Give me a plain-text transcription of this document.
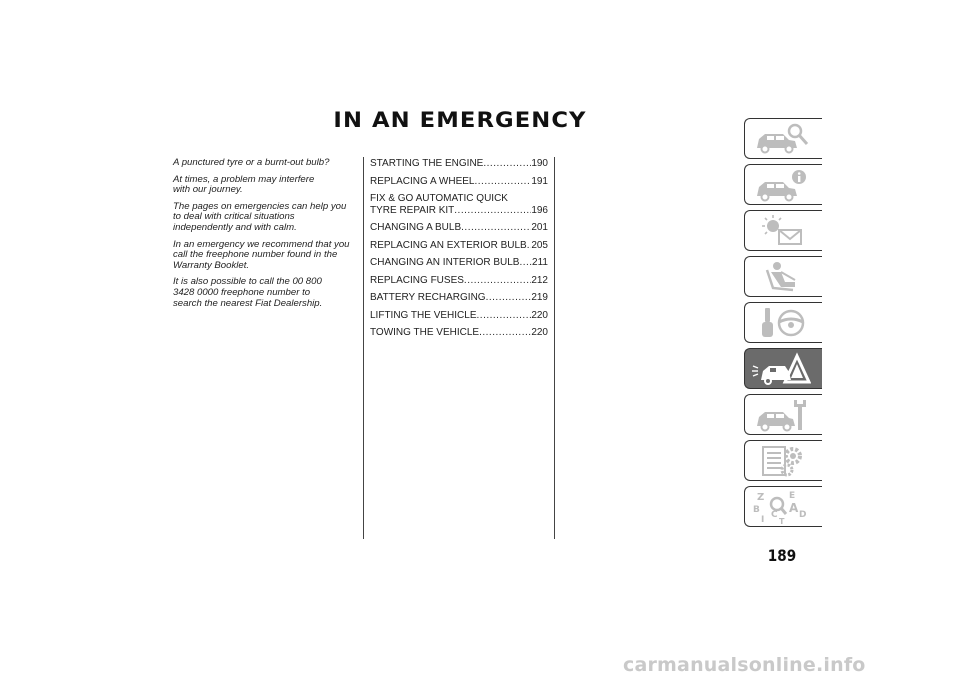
IN AN EMERGENCY

A punctured tyre or a burnt-out bulb?

At times, a problem may interfere with our journey.

The pages on emergencies can help you to deal with critical situations independently and with calm.

In an emergency we recommend that you call the freephone number found in the Warranty Booklet.

It is also possible to call the 00 800 3428 0000 freephone number to search the nearest Fiat Dealership.

STARTING THE ENGINE .....	190
REPLACING A WHEEL .....	191
FIX & GO AUTOMATIC QUICK
TYRE REPAIR KIT .....	196
CHANGING A BULB .....	201
REPLACING AN EXTERIOR BULB ..... 205
CHANGING AN INTERIOR BULB ..... 211
REPLACING FUSES .....	212
BATTERY RECHARGING .....	219
LIFTING THE VEHICLE .....	220
TOWING THE VEHICLE .....	220
Z	E
B A
C D
I T
189
carmanualsonline.info
